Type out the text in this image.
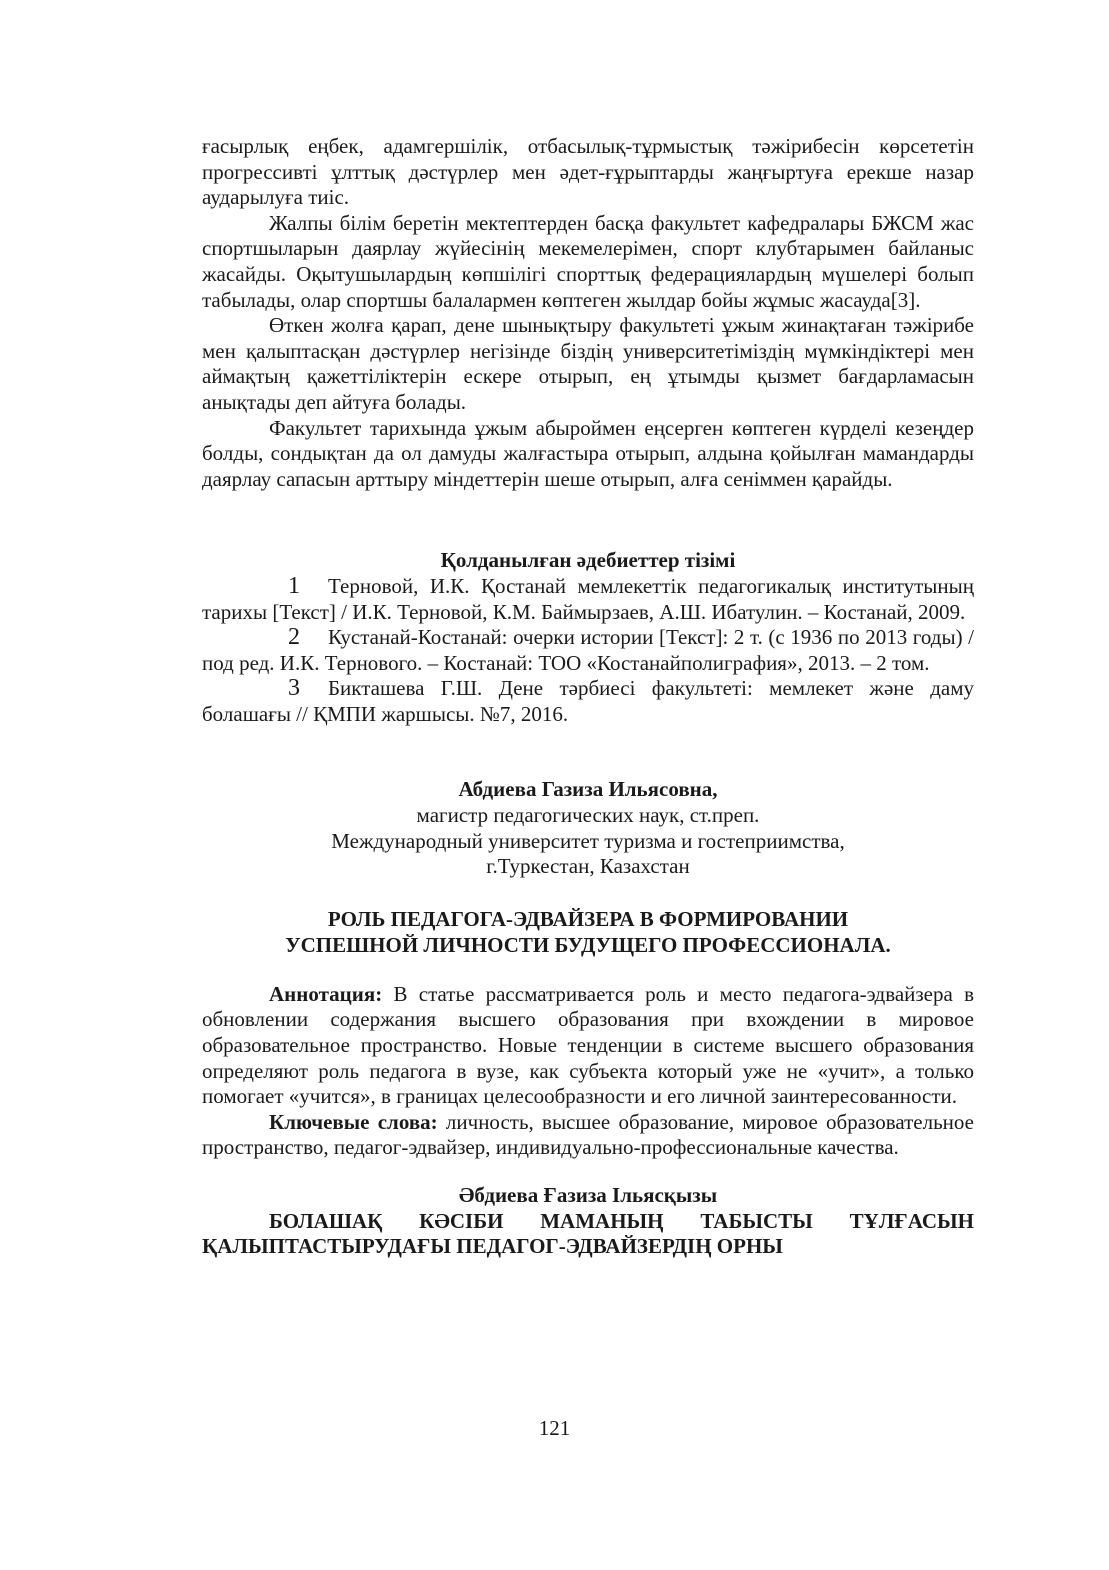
ғасырлық еңбек, адамгершілік, отбасылық-тұрмыстық тәжірибесін көрсететін прогрессивті ұлттық дәстүрлер мен әдет-ғұрыптарды жаңғыртуға ерекше назар аударылуға тиіс.

Жалпы білім беретін мектептерден басқа факультет кафедралары БЖСМ жас спортшыларын даярлау жүйесінің мекемелерімен, спорт клубтарымен байланыс жасайды. Оқытушылардың көпшілігі спорттық федерациялардың мүшелері болып табылады, олар спортшы балалармен көптеген жылдар бойы жұмыс жасауда[3].

Өткен жолға қарап, дене шынықтыру факультеті ұжым жинақтаған тәжірибе мен қалыптасқан дәстүрлер негізінде біздің университетіміздің мүмкіндіктері мен аймақтың қажеттіліктерін ескере отырып, ең ұтымды қызмет бағдарламасын анықтады деп айтуға болады.

Факультет тарихында ұжым абыроймен еңсерген көптеген күрделі кезеңдер болды, сондықтан да ол дамуды жалғастыра отырып, алдына қойылған мамандарды даярлау сапасын арттыру міндеттерін шеше отырып, алға сеніммен қарайды.

Қолданылған әдебиеттер тізімі

1 Терновой, И.К. Қостанай мемлекеттік педагогикалық институтының тарихы [Текст] / И.К. Терновой, К.М. Баймырзаев, А.Ш. Ибатулин. – Костанай, 2009.

2 Кустанай-Костанай: очерки истории [Текст]: 2 т. (с 1936 по 2013 годы) / под ред. И.К. Тернового. – Костанай: ТОО «Костанайполиграфия», 2013. – 2 том.

3 Бикташева Г.Ш. Дене тәрбиесі факультеті: мемлекет және даму болашағы // ҚМПИ жаршысы. №7, 2016.

Абдиева Газиза Ильясовна,
магистр педагогических наук, ст.преп.
Международный университет туризма и гостеприимства,
г.Туркестан, Казахстан

РОЛЬ ПЕДАГОГА-ЭДВАЙЗЕРА В ФОРМИРОВАНИИ
УСПЕШНОЙ ЛИЧНОСТИ БУДУЩЕГО ПРОФЕССИОНАЛА.

Аннотация: В статье рассматривается роль и место педагога-эдвайзера в обновлении содержания высшего образования при вхождении в мировое образовательное пространство. Новые тенденции в системе высшего образования определяют роль педагога в вузе, как субъекта который уже не «учит», а только помогает «учится», в границах целесообразности и его личной заинтересованности.

Ключевые слова: личность, высшее образование, мировое образовательное пространство, педагог-эдвайзер, индивидуально-профессиональные качества.

Әбдиева Ғазиза Ільясқызы

БОЛАШАҚ КӘСІБИ МАМАНЫҢ ТАБЫСТЫ ТҰЛҒАСЫН ҚАЛЫПТАСТЫРУДАҒЫ ПЕДАГОГ-ЭДВАЙЗЕРДІҢ ОРНЫ

121
